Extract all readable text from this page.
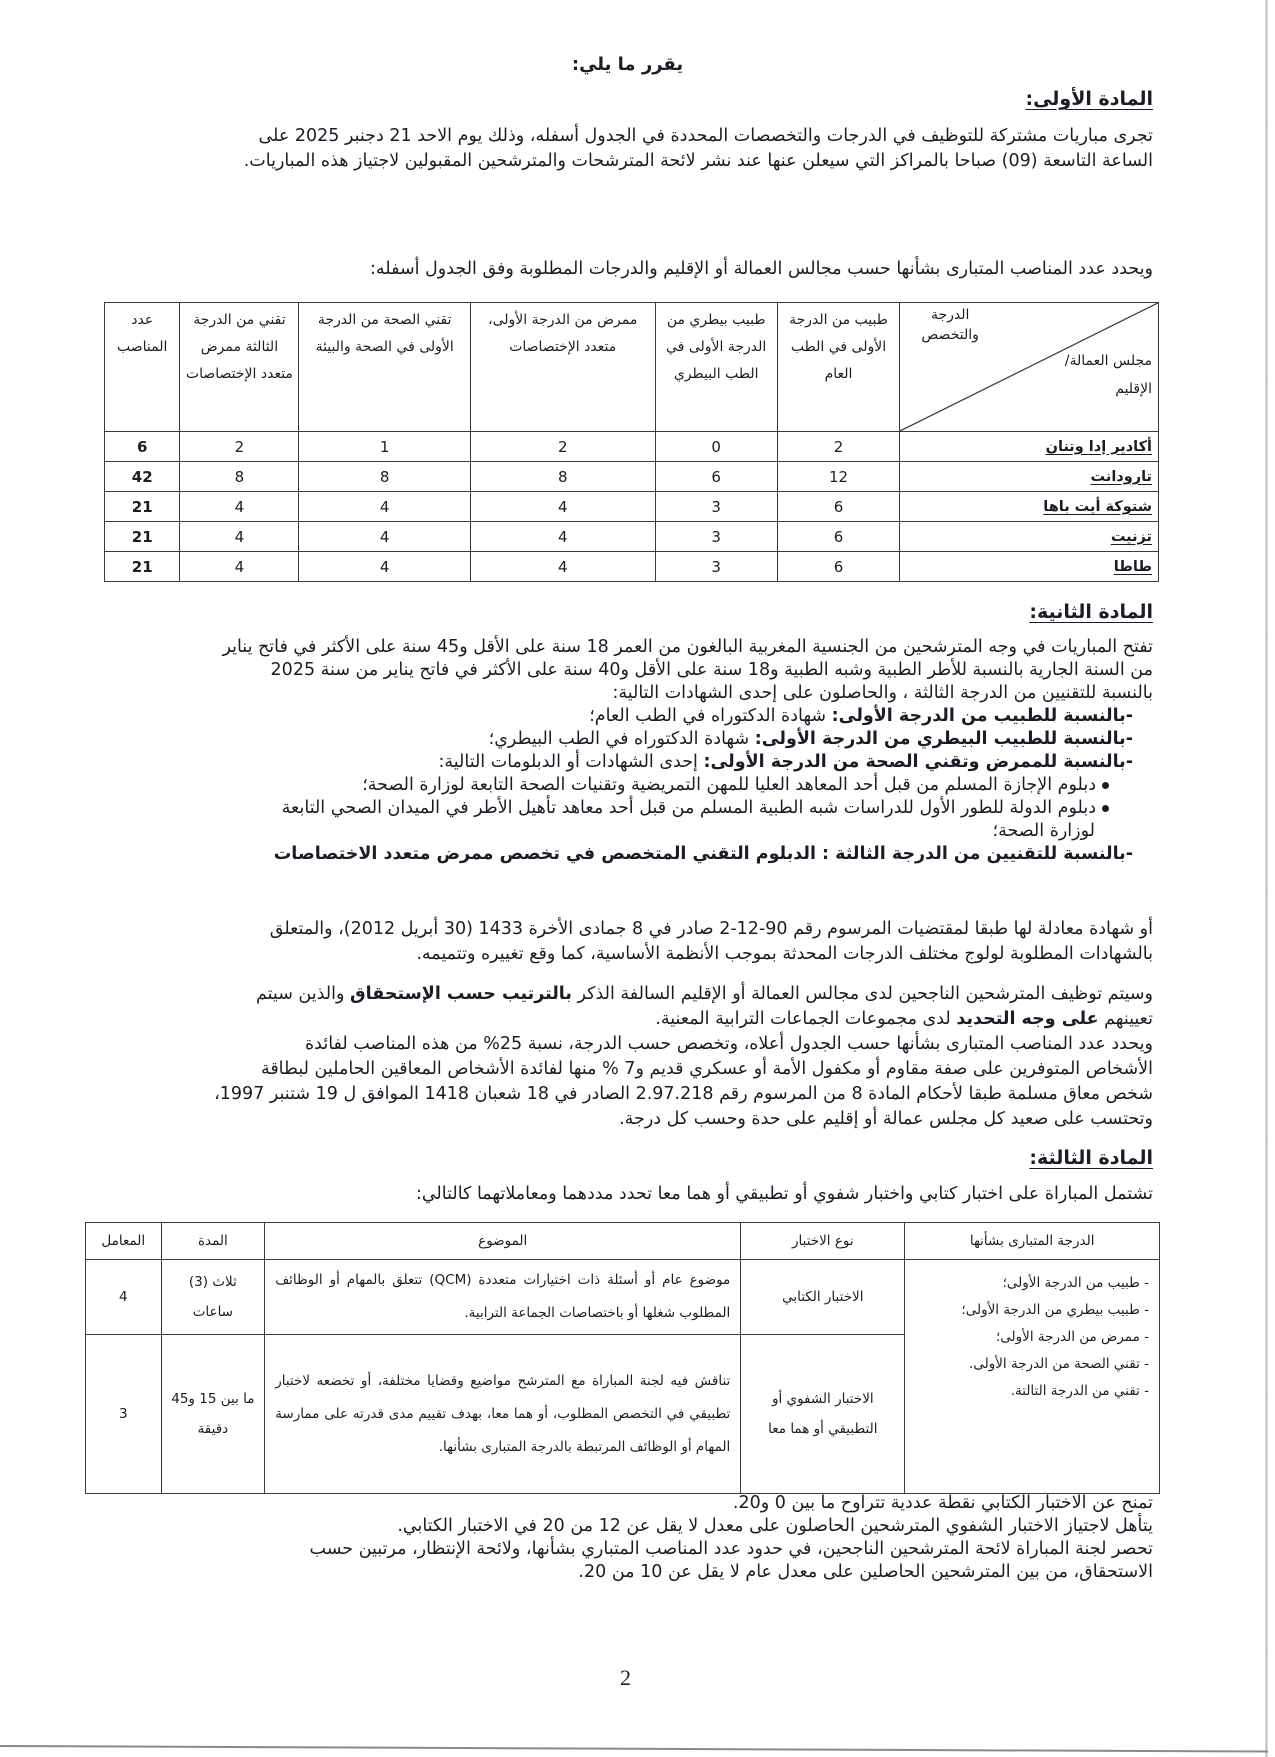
يقرر ما يلي:
المادة الأولى:
تجرى مباريات مشتركة للتوظيف في الدرجات والتخصصات المحددة في الجدول أسفله، وذلك يوم الاحد 21 دجنبر 2025 على
الساعة التاسعة (09) صباحا بالمراكز التي سيعلن عنها عند نشر لائحة المترشحات والمترشحين المقبولين لاجتياز هذه المباريات.
ويحدد عدد المناصب المتبارى بشأنها حسب مجالس العمالة أو الإقليم والدرجات المطلوبة وفق الجدول أسفله:
الدرجة والتخصص
مجلس العمالة/ الإقليم	طبيب من الدرجة الأولى في الطب العام	طبيب بيطري من الدرجة الأولى في الطب البيطري	ممرض من الدرجة الأولى، متعدد الإختصاصات	تقني الصحة من الدرجة الأولى في الصحة والبيئة	تقني من الدرجة الثالثة ممرض متعدد الإختصاصات	عدد المناصب
أكادير إدا وتنان	2	0	2	1	2	6
تارودانت	12	6	8	8	8	42
شتوكة أيت باها	6	3	4	4	4	21
تزنيت	6	3	4	4	4	21
طاطا	6	3	4	4	4	21
المادة الثانية:
تفتح المباريات في وجه المترشحين من الجنسية المغربية البالغون من العمر 18 سنة على الأقل و45 سنة على الأكثر في فاتح يناير
من السنة الجارية بالنسبة للأطر الطبية وشبه الطبية و18 سنة على الأقل و40 سنة على الأكثر في فاتح يناير من سنة 2025
بالنسبة للتقنيين من الدرجة الثالثة ، والحاصلون على إحدى الشهادات التالية:
-بالنسبة للطبيب من الدرجة الأولى: شهادة الدكتوراه في الطب العام؛
-بالنسبة للطبيب البيطري من الدرجة الأولى: شهادة الدكتوراه في الطب البيطري؛
-بالنسبة للممرض وتقني الصحة من الدرجة الأولى: إحدى الشهادات أو الدبلومات التالية:
دبلوم الإجازة المسلم من قبل أحد المعاهد العليا للمهن التمريضية وتقنيات الصحة التابعة لوزارة الصحة؛
دبلوم الدولة للطور الأول للدراسات شبه الطبية المسلم من قبل أحد معاهد تأهيل الأطر في الميدان الصحي التابعة
لوزارة الصحة؛
-بالنسبة للتقنيين من الدرجة الثالثة : الدبلوم التقني المتخصص في تخصص ممرض متعدد الاختصاصات
أو شهادة معادلة لها طبقا لمقتضيات المرسوم رقم 90-12-2 صادر في 8 جمادى الأخرة 1433 (30 أبريل 2012)، والمتعلق
بالشهادات المطلوبة لولوج مختلف الدرجات المحدثة بموجب الأنظمة الأساسية، كما وقع تغييره وتتميمه.
وسيتم توظيف المترشحين الناجحين لدى مجالس العمالة أو الإقليم السالفة الذكر بالترتيب حسب الإستحقاق والذين سيتم
تعيينهم على وجه التحديد لدى مجموعات الجماعات الترابية المعنية.
ويحدد عدد المناصب المتبارى بشأنها حسب الجدول أعلاه، وتخصص حسب الدرجة، نسبة 25% من هذه المناصب لفائدة
الأشخاص المتوفرين على صفة مقاوم أو مكفول الأمة أو عسكري قديم و7 % منها لفائدة الأشخاص المعاقين الحاملين لبطاقة
شخص معاق مسلمة طبقا لأحكام المادة 8 من المرسوم رقم 2.97.218 الصادر في 18 شعبان 1418 الموافق ل 19 شتنبر 1997،
وتحتسب على صعيد كل مجلس عمالة أو إقليم على حدة وحسب كل درجة.
المادة الثالثة:
تشتمل المباراة على اختبار كتابي واختبار شفوي أو تطبيقي أو هما معا تحدد مددهما ومعاملاتهما كالتالي:
الدرجة المتبارى بشأنها	نوع الاختبار	الموضوع	المدة	المعامل

- طبيب من الدرجة الأولى؛
- طبيب بيطري من الدرجة الأولى؛
- ممرض من الدرجة الأولى؛
- تقني الصحة من الدرجة الأولى.
- تقني من الدرجة التالتة.	الاختبار الكتابي	موضوع عام أو أسئلة ذات اختيارات متعددة (QCM) تتعلق بالمهام أو الوظائف المطلوب شغلها أو باختصاصات الجماعة الترابية.	ثلاث (3) ساعات	4
	الاختبار الشفوي أو التطبيقي أو هما معا	تناقش فيه لجنة المباراة مع المترشح مواضيع وقضايا مختلفة، أو تخضعه لاختبار تطبيقي في التخصص المطلوب، أو هما معا، بهدف تقييم مدى قدرته على ممارسة المهام أو الوظائف المرتبطة بالدرجة المتبارى بشأنها.	ما بين 15 و45 دقيقة	3
تمنح عن الاختبار الكتابي نقطة عددية تتراوح ما بين 0 و20.
يتأهل لاجتياز الاختبار الشفوي المترشحين الحاصلون على معدل لا يقل عن 12 من 20 في الاختبار الكتابي.
تحصر لجنة المباراة لائحة المترشحين الناجحين، في حدود عدد المناصب المتباري بشأنها، ولائحة الإنتظار، مرتبين حسب
الاستحقاق، من بين المترشحين الحاصلين على معدل عام لا يقل عن 10 من 20.
2
